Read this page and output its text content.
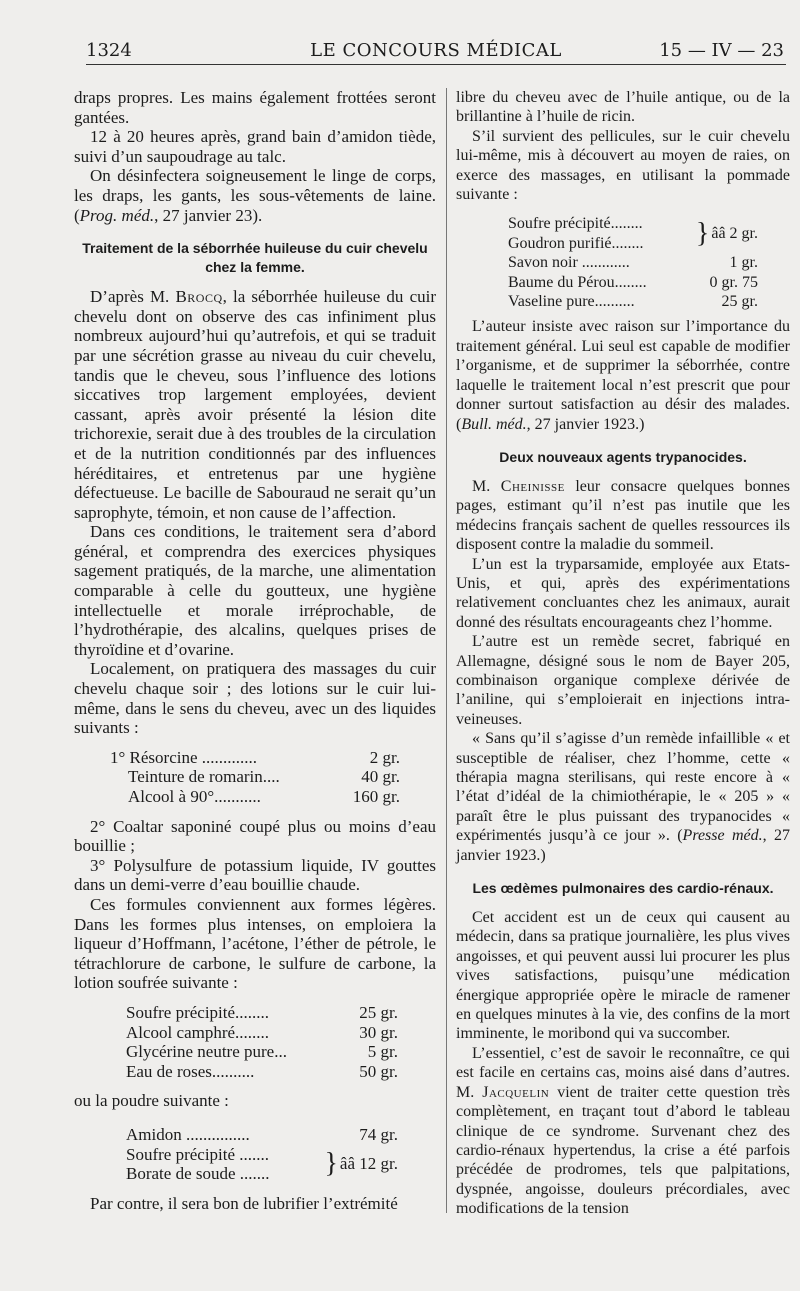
1324	LE CONCOURS MÉDICAL	15 — IV — 23

draps propres. Les mains également frottées seront gantées.

12 à 20 heures après, grand bain d’amidon tiède, suivi d’un saupoudrage au talc.

On désinfectera soigneusement le linge de corps, les draps, les gants, les sous-vêtements de laine. (Prog. méd., 27 janvier 23).

Traitement de la séborrhée huileuse du cuir chevelu chez la femme.

D’après M. Brocq, la séborrhée huileuse du cuir chevelu dont on observe des cas infiniment plus nombreux aujourd’hui qu’autrefois, et qui se traduit par une sécrétion grasse au niveau du cuir chevelu, tandis que le cheveu, sous l’influence des lotions siccatives trop largement employées, devient cassant, après avoir présenté la lésion dite trichorexie, serait due à des troubles de la circulation et de la nutrition conditionnés par des influences héréditaires, et entretenus par une hygiène défectueuse. Le bacille de Sabouraud ne serait qu’un saprophyte, témoin, et non cause de l’affection.

Dans ces conditions, le traitement sera d’abord général, et comprendra des exercices physiques sagement pratiqués, de la marche, une alimentation comparable à celle du goutteux, une hygiène intellectuelle et morale irréprochable, de l’hydrothérapie, des alcalins, quelques prises de thyroïdine et d’ovarine.

Localement, on pratiquera des massages du cuir chevelu chaque soir ; des lotions sur le cuir lui-même, dans le sens du cheveu, avec un des liquides suivants :

1° Résorcine .............	2 gr.
Teinture de romarin....	40 gr.
Alcool à 90°...........	160 gr.

2° Coaltar saponiné coupé plus ou moins d’eau bouillie ;

3° Polysulfure de potassium liquide, IV gouttes dans un demi-verre d’eau bouillie chaude.

Ces formules conviennent aux formes légères. Dans les formes plus intenses, on emploiera la liqueur d’Hoffmann, l’acétone, l’éther de pétrole, le tétrachlorure de carbone, le sulfure de carbone, la lotion soufrée suivante :

Soufre précipité........	25 gr.
Alcool camphré........	30 gr.
Glycérine neutre pure...	5 gr.
Eau de roses..........	50 gr.

ou la poudre suivante :

Amidon ...............	74 gr.
Soufre précipité .......
Borate de soude .......	} ââ 12 gr.

Par contre, il sera bon de lubrifier l’extrémité

libre du cheveu avec de l’huile antique, ou de la brillantine à l’huile de ricin.

S’il survient des pellicules, sur le cuir chevelu lui-même, mis à découvert au moyen de raies, on exerce des massages, en utilisant la pommade suivante :

Soufre précipité........
Goudron purifié........	} ââ 2 gr.
Savon noir ............	1 gr.
Baume du Pérou........	0 gr. 75
Vaseline pure..........	25 gr.

L’auteur insiste avec raison sur l’importance du traitement général. Lui seul est capable de modifier l’organisme, et de supprimer la séborrhée, contre laquelle le traitement local n’est prescrit que pour donner surtout satisfaction au désir des malades. (Bull. méd., 27 janvier 1923.)

Deux nouveaux agents trypanocides.

M. Cheinisse leur consacre quelques bonnes pages, estimant qu’il n’est pas inutile que les médecins français sachent de quelles ressources ils disposent contre la maladie du sommeil.

L’un est la tryparsamide, employée aux Etats-Unis, et qui, après des expérimentations relativement concluantes chez les animaux, aurait donné des résultats encourageants chez l’homme.

L’autre est un remède secret, fabriqué en Allemagne, désigné sous le nom de Bayer 205, combinaison organique complexe dérivée de l’aniline, qui s’emploierait en injections intra-veineuses.

« Sans qu’il s’agisse d’un remède infaillible « et susceptible de réaliser, chez l’homme, cette « thérapia magna sterilisans, qui reste encore à « l’état d’idéal de la chimiothérapie, le « 205 » « paraît être le plus puissant des trypanocides « expérimentés jusqu’à ce jour ». (Presse méd., 27 janvier 1923.)

Les œdèmes pulmonaires des cardio-rénaux.

Cet accident est un de ceux qui causent au médecin, dans sa pratique journalière, les plus vives angoisses, et qui peuvent aussi lui procurer les plus vives satisfactions, puisqu’une médication énergique appropriée opère le miracle de ramener en quelques minutes à la vie, des confins de la mort imminente, le moribond qui va succomber.

L’essentiel, c’est de savoir le reconnaître, ce qui est facile en certains cas, moins aisé dans d’autres. M. Jacquelin vient de traiter cette question très complètement, en traçant tout d’abord le tableau clinique de ce syndrome. Survenant chez des cardio-rénaux hypertendus, la crise a été parfois précédée de prodromes, tels que palpitations, dyspnée, angoisse, douleurs précordiales, avec modifications de la tension
